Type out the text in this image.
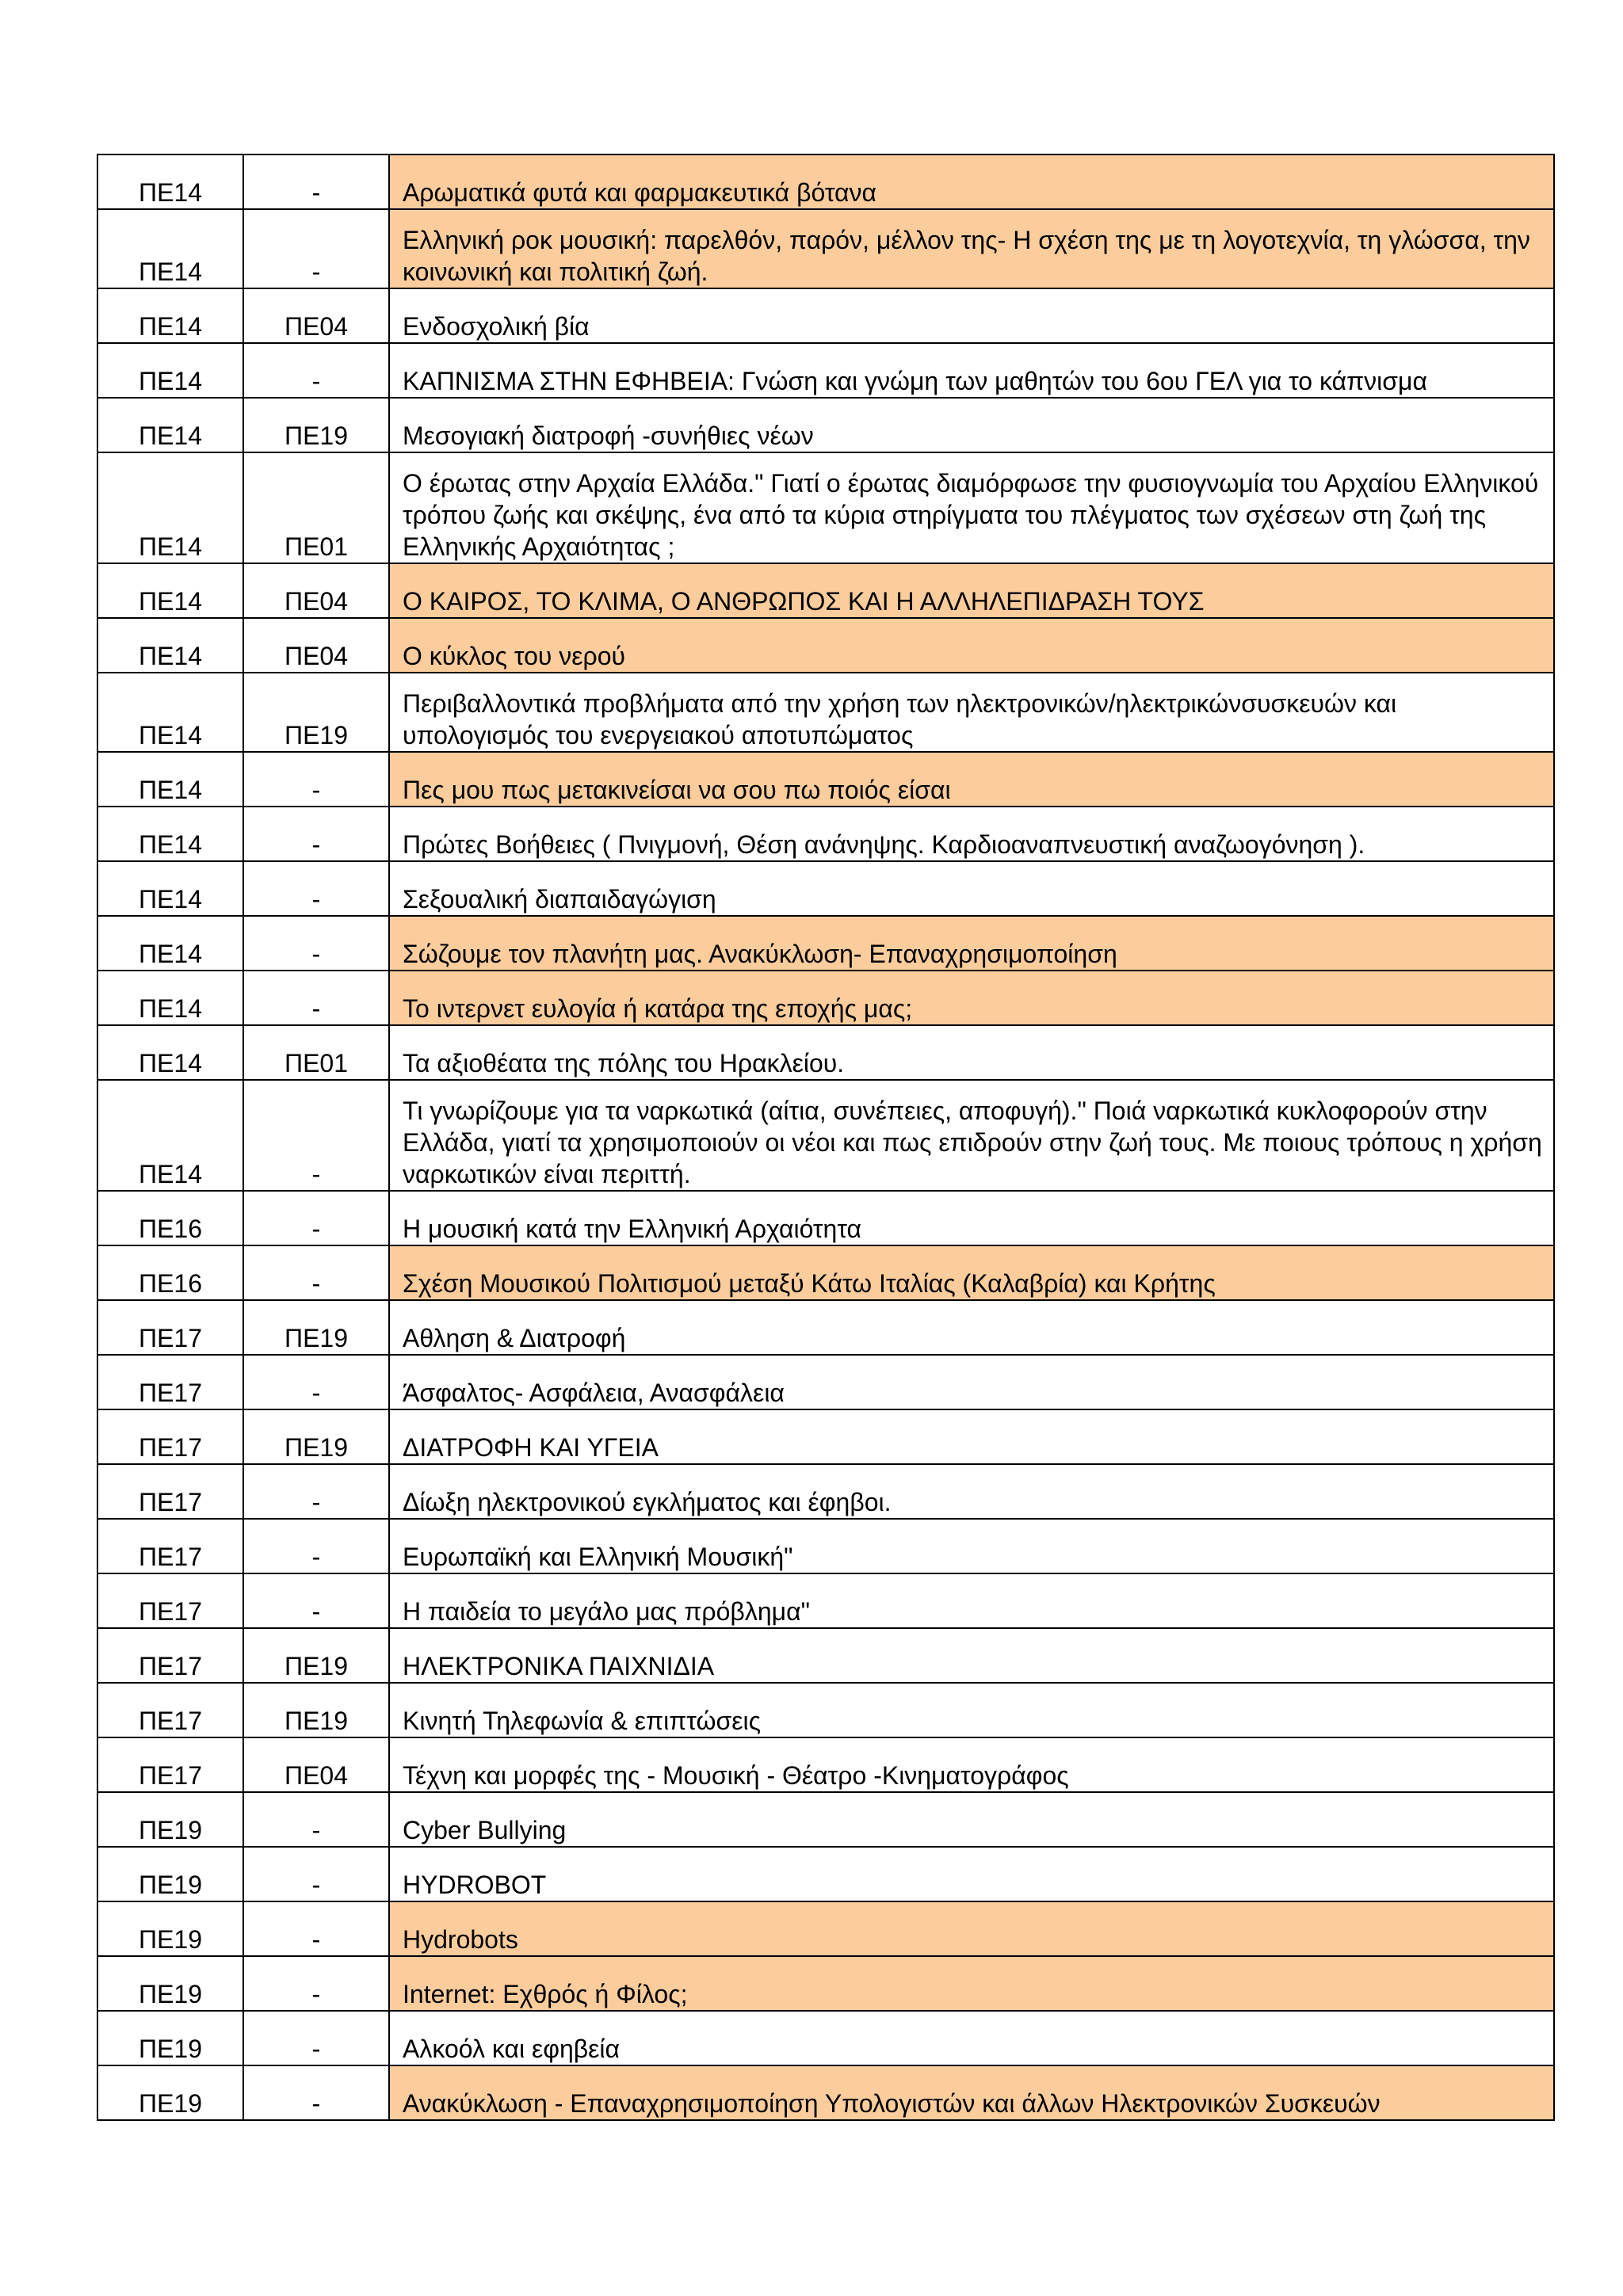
ΠΕ14	-	Αρωματικά φυτά και φαρμακευτικά βότανα
ΠΕ14	-	Ελληνική ροκ μουσική: παρελθόν, παρόν, μέλλον της- Η σχέση της με τη λογοτεχνία, τη γλώσσα, την κοινωνική και πολιτική ζωή.
ΠΕ14	ΠΕ04	Ενδοσχολική βία
ΠΕ14	-	ΚΑΠΝΙΣΜΑ ΣΤΗΝ ΕΦΗΒΕΙΑ: Γνώση και γνώμη των μαθητών του 6ου ΓΕΛ για το κάπνισμα
ΠΕ14	ΠΕ19	Μεσογιακή διατροφή -συνήθιες νέων
ΠΕ14	ΠΕ01	Ο έρωτας στην Αρχαία Ελλάδα." Γιατί ο έρωτας διαμόρφωσε την φυσιογνωμία του Αρχαίου Ελληνικού τρόπου ζωής και σκέψης, ένα από τα κύρια στηρίγματα του πλέγματος των σχέσεων στη ζωή της Ελληνικής Αρχαιότητας ;
ΠΕ14	ΠΕ04	Ο ΚΑΙΡΟΣ, ΤΟ ΚΛΙΜΑ, Ο ΑΝΘΡΩΠΟΣ ΚΑΙ Η ΑΛΛΗΛΕΠΙΔΡΑΣΗ ΤΟΥΣ
ΠΕ14	ΠΕ04	Ο κύκλος του νερού
ΠΕ14	ΠΕ19	Περιβαλλοντικά προβλήματα από την χρήση των ηλεκτρονικών/ηλεκτρικώνσυσκευών και υπολογισμός του ενεργειακού αποτυπώματος
ΠΕ14	-	Πες μου πως μετακινείσαι να σου πω ποιός είσαι
ΠΕ14	-	Πρώτες Βοήθειες ( Πνιγμονή, Θέση ανάνηψης. Καρδιοαναπνευστική αναζωογόνηση ).
ΠΕ14	-	Σεξουαλική διαπαιδαγώγιση
ΠΕ14	-	Σώζουμε τον πλανήτη μας. Ανακύκλωση- Επαναχρησιμοποίηση
ΠΕ14	-	Το ιντερνετ ευλογία ή κατάρα της εποχής μας;
ΠΕ14	ΠΕ01	Τα αξιοθέατα της πόλης του Ηρακλείου.
ΠΕ14	-	Τι γνωρίζουμε για τα ναρκωτικά (αίτια, συνέπειες, αποφυγή)." Ποιά ναρκωτικά κυκλοφορούν στην Ελλάδα, γιατί τα χρησιμοποιούν οι νέοι και πως επιδρούν στην ζωή τους. Με ποιους τρόπους η χρήση ναρκωτικών είναι περιττή.
ΠΕ16	-	Η μουσική κατά την Ελληνική Αρχαιότητα
ΠΕ16	-	Σχέση Μουσικού Πολιτισμού μεταξύ Κάτω Ιταλίας (Καλαβρία) και Κρήτης
ΠΕ17	ΠΕ19	Αθληση & Διατροφή
ΠΕ17	-	Άσφαλτος- Ασφάλεια, Ανασφάλεια
ΠΕ17	ΠΕ19	ΔΙΑΤΡΟΦΗ ΚΑΙ ΥΓΕΙΑ
ΠΕ17	-	Δίωξη ηλεκτρονικού εγκλήματος και έφηβοι.
ΠΕ17	-	Ευρωπαϊκή και Ελληνική Μουσική"
ΠΕ17	-	Η παιδεία το μεγάλο μας πρόβλημα"
ΠΕ17	ΠΕ19	ΗΛΕΚΤΡΟΝΙΚΑ ΠΑΙΧΝΙΔΙΑ
ΠΕ17	ΠΕ19	Κινητή Τηλεφωνία & επιπτώσεις
ΠΕ17	ΠΕ04	Τέχνη και μορφές της - Μουσική - Θέατρο -Κινηματογράφος
ΠΕ19	-	Cyber Bullying
ΠΕ19	-	HYDROBOT
ΠΕ19	-	Hydrobots
ΠΕ19	-	Internet: Εχθρός ή Φίλος;
ΠΕ19	-	Αλκοόλ και εφηβεία
ΠΕ19	-	Ανακύκλωση - Επαναχρησιμοποίηση Υπολογιστών και άλλων Ηλεκτρονικών Συσκευών
